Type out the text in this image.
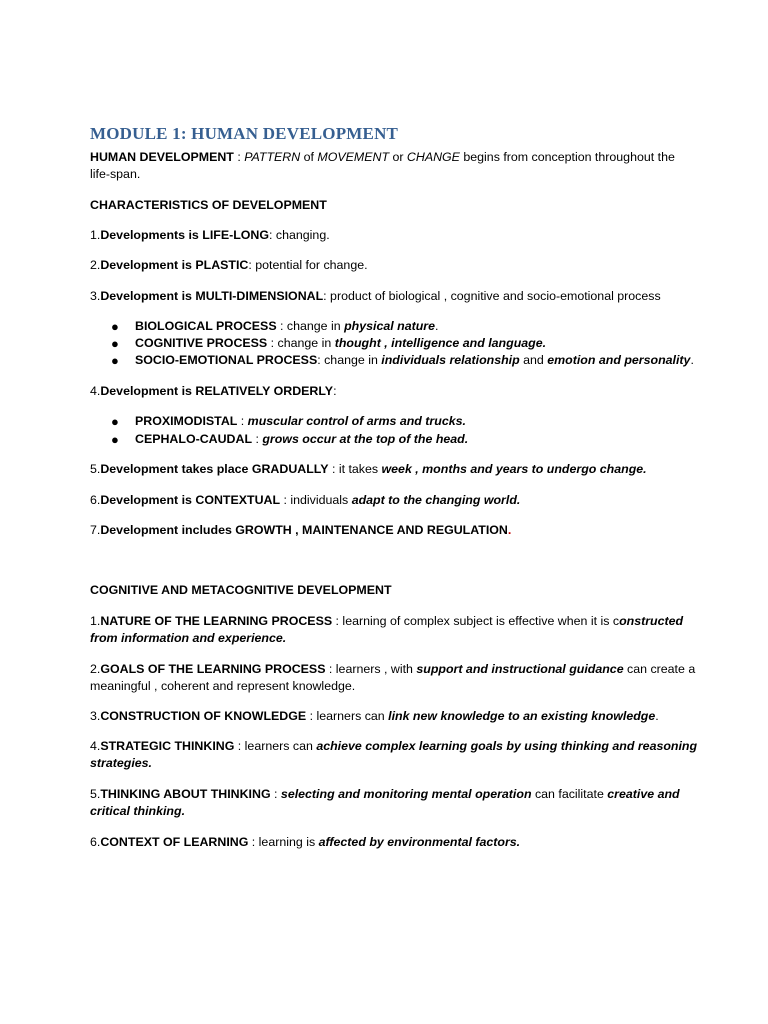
MODULE 1: HUMAN DEVELOPMENT
HUMAN DEVELOPMENT : PATTERN of MOVEMENT or CHANGE begins from conception throughout the
life-span.
CHARACTERISTICS OF DEVELOPMENT
1.Developments is LIFE-LONG: changing.
2.Development is PLASTIC: potential for change.
3.Development is MULTI-DIMENSIONAL: product of biological , cognitive and socio-emotional process
● BIOLOGICAL PROCESS : change in physical nature.
● COGNITIVE PROCESS : change in thought , intelligence and language.
● SOCIO-EMOTIONAL PROCESS: change in individuals relationship and emotion and personality.
4.Development is RELATIVELY ORDERLY:
● PROXIMODISTAL : muscular control of arms and trucks.
● CEPHALO-CAUDAL : grows occur at the top of the head.
5.Development takes place GRADUALLY : it takes week , months and years to undergo change.
6.Development is CONTEXTUAL : individuals adapt to the changing world.
7.Development includes GROWTH , MAINTENANCE AND REGULATION.
COGNITIVE AND METACOGNITIVE DEVELOPMENT
1.NATURE OF THE LEARNING PROCESS : learning of complex subject is effective when it is constructed
from information and experience.
2.GOALS OF THE LEARNING PROCESS : learners , with support and instructional guidance can create a
meaningful , coherent and represent knowledge.
3.CONSTRUCTION OF KNOWLEDGE : learners can link new knowledge to an existing knowledge.
4.STRATEGIC THINKING : learners can achieve complex learning goals by using thinking and reasoning
strategies.
5.THINKING ABOUT THINKING : selecting and monitoring mental operation can facilitate creative and
critical thinking.
6.CONTEXT OF LEARNING : learning is affected by environmental factors.
